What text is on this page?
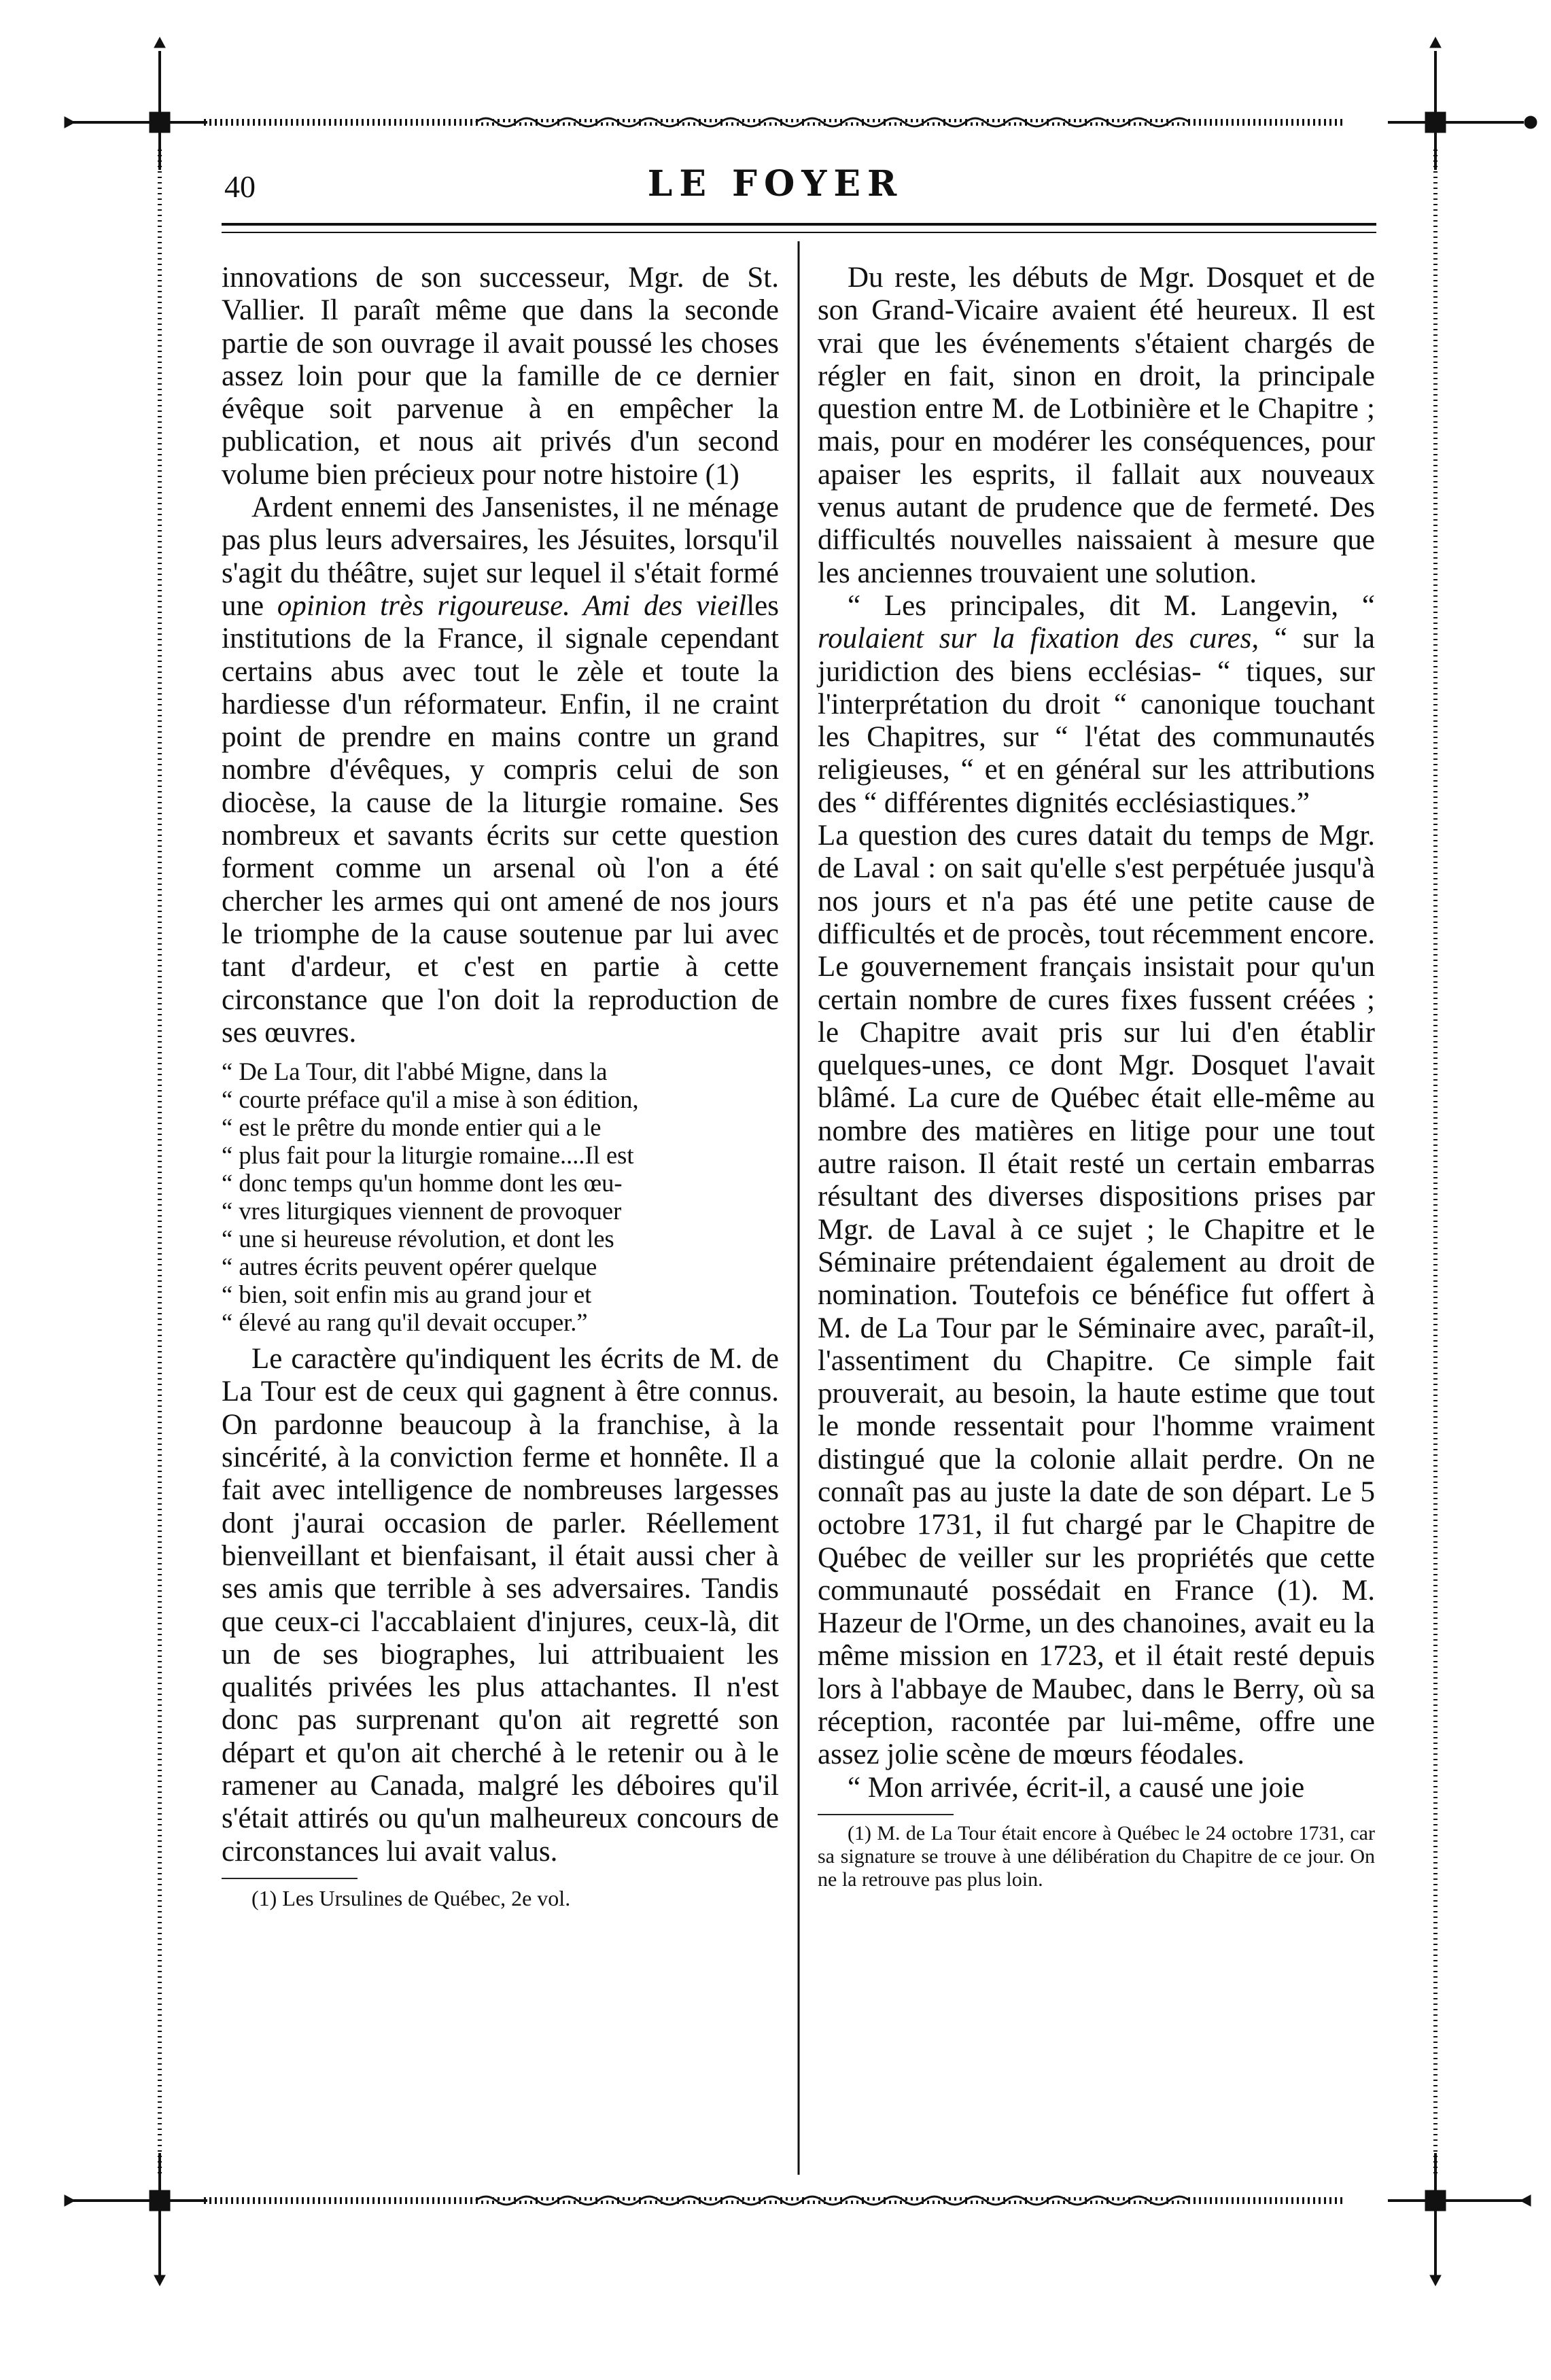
40	LE FOYER

innovations de son successeur, Mgr. de St. Vallier. Il paraît même que dans la seconde partie de son ouvrage il avait poussé les choses assez loin pour que la famille de ce dernier évêque soit parvenue à en empêcher la publication, et nous ait privés d'un second volume bien précieux pour notre histoire (1)

Ardent ennemi des Jansenistes, il ne ménage pas plus leurs adversaires, les Jésuites, lorsqu'il s'agit du théâtre, sujet sur lequel il s'était formé une opinion très rigoureuse. Ami des vieilles institutions de la France, il signale cependant certains abus avec tout le zèle et toute la hardiesse d'un réformateur. Enfin, il ne craint point de prendre en mains contre un grand nombre d'évêques, y compris celui de son diocèse, la cause de la liturgie romaine. Ses nombreux et savants écrits sur cette question forment comme un arsenal où l'on a été chercher les armes qui ont amené de nos jours le triomphe de la cause soutenue par lui avec tant d'ardeur, et c'est en partie à cette circonstance que l'on doit la reproduction de ses œuvres.

“ De La Tour, dit l'abbé Migne, dans la
“ courte préface qu'il a mise à son édition,
“ est le prêtre du monde entier qui a le
“ plus fait pour la liturgie romaine....Il est
“ donc temps qu'un homme dont les œu-
“ vres liturgiques viennent de provoquer
“ une si heureuse révolution, et dont les
“ autres écrits peuvent opérer quelque
“ bien, soit enfin mis au grand jour et
“ élevé au rang qu'il devait occuper.”

Le caractère qu'indiquent les écrits de M. de La Tour est de ceux qui gagnent à être connus. On pardonne beaucoup à la franchise, à la sincérité, à la conviction ferme et honnête. Il a fait avec intelligence de nombreuses largesses dont j'aurai occasion de parler. Réellement bienveillant et bienfaisant, il était aussi cher à ses amis que terrible à ses adversaires. Tandis que ceux-ci l'accablaient d'injures, ceux-là, dit un de ses biographes, lui attribuaient les qualités privées les plus attachantes. Il n'est donc pas surprenant qu'on ait regretté son départ et qu'on ait cherché à le retenir ou à le ramener au Canada, malgré les déboires qu'il s'était attirés ou qu'un malheureux concours de circonstances lui avait valus.

(1) Les Ursulines de Québec, 2e vol.

Du reste, les débuts de Mgr. Dosquet et de son Grand-Vicaire avaient été heureux. Il est vrai que les événements s'étaient chargés de régler en fait, sinon en droit, la principale question entre M. de Lotbinière et le Chapitre ; mais, pour en modérer les conséquences, pour apaiser les esprits, il fallait aux nouveaux venus autant de prudence que de fermeté. Des difficultés nouvelles naissaient à mesure que les anciennes trouvaient une solution.

“ Les principales, dit M. Langevin, “ roulaient sur la fixation des cures, “ sur la juridiction des biens ecclésias- “ tiques, sur l'interprétation du droit “ canonique touchant les Chapitres, sur “ l'état des communautés religieuses, “ et en général sur les attributions des “ différentes dignités ecclésiastiques.”

La question des cures datait du temps de Mgr. de Laval : on sait qu'elle s'est perpétuée jusqu'à nos jours et n'a pas été une petite cause de difficultés et de procès, tout récemment encore. Le gouvernement français insistait pour qu'un certain nombre de cures fixes fussent créées ; le Chapitre avait pris sur lui d'en établir quelques-unes, ce dont Mgr. Dosquet l'avait blâmé. La cure de Québec était elle-même au nombre des matières en litige pour une tout autre raison. Il était resté un certain embarras résultant des diverses dispositions prises par Mgr. de Laval à ce sujet ; le Chapitre et le Séminaire prétendaient également au droit de nomination. Toutefois ce bénéfice fut offert à M. de La Tour par le Séminaire avec, paraît-il, l'assentiment du Chapitre. Ce simple fait prouverait, au besoin, la haute estime que tout le monde ressentait pour l'homme vraiment distingué que la colonie allait perdre. On ne connaît pas au juste la date de son départ. Le 5 octobre 1731, il fut chargé par le Chapitre de Québec de veiller sur les propriétés que cette communauté possédait en France (1). M. Hazeur de l'Orme, un des chanoines, avait eu la même mission en 1723, et il était resté depuis lors à l'abbaye de Maubec, dans le Berry, où sa réception, racontée par lui-même, offre une assez jolie scène de mœurs féodales.

“ Mon arrivée, écrit-il, a causé une joie

(1) M. de La Tour était encore à Québec le 24 octobre 1731, car sa signature se trouve à une délibération du Chapitre de ce jour. On ne la retrouve pas plus loin.
